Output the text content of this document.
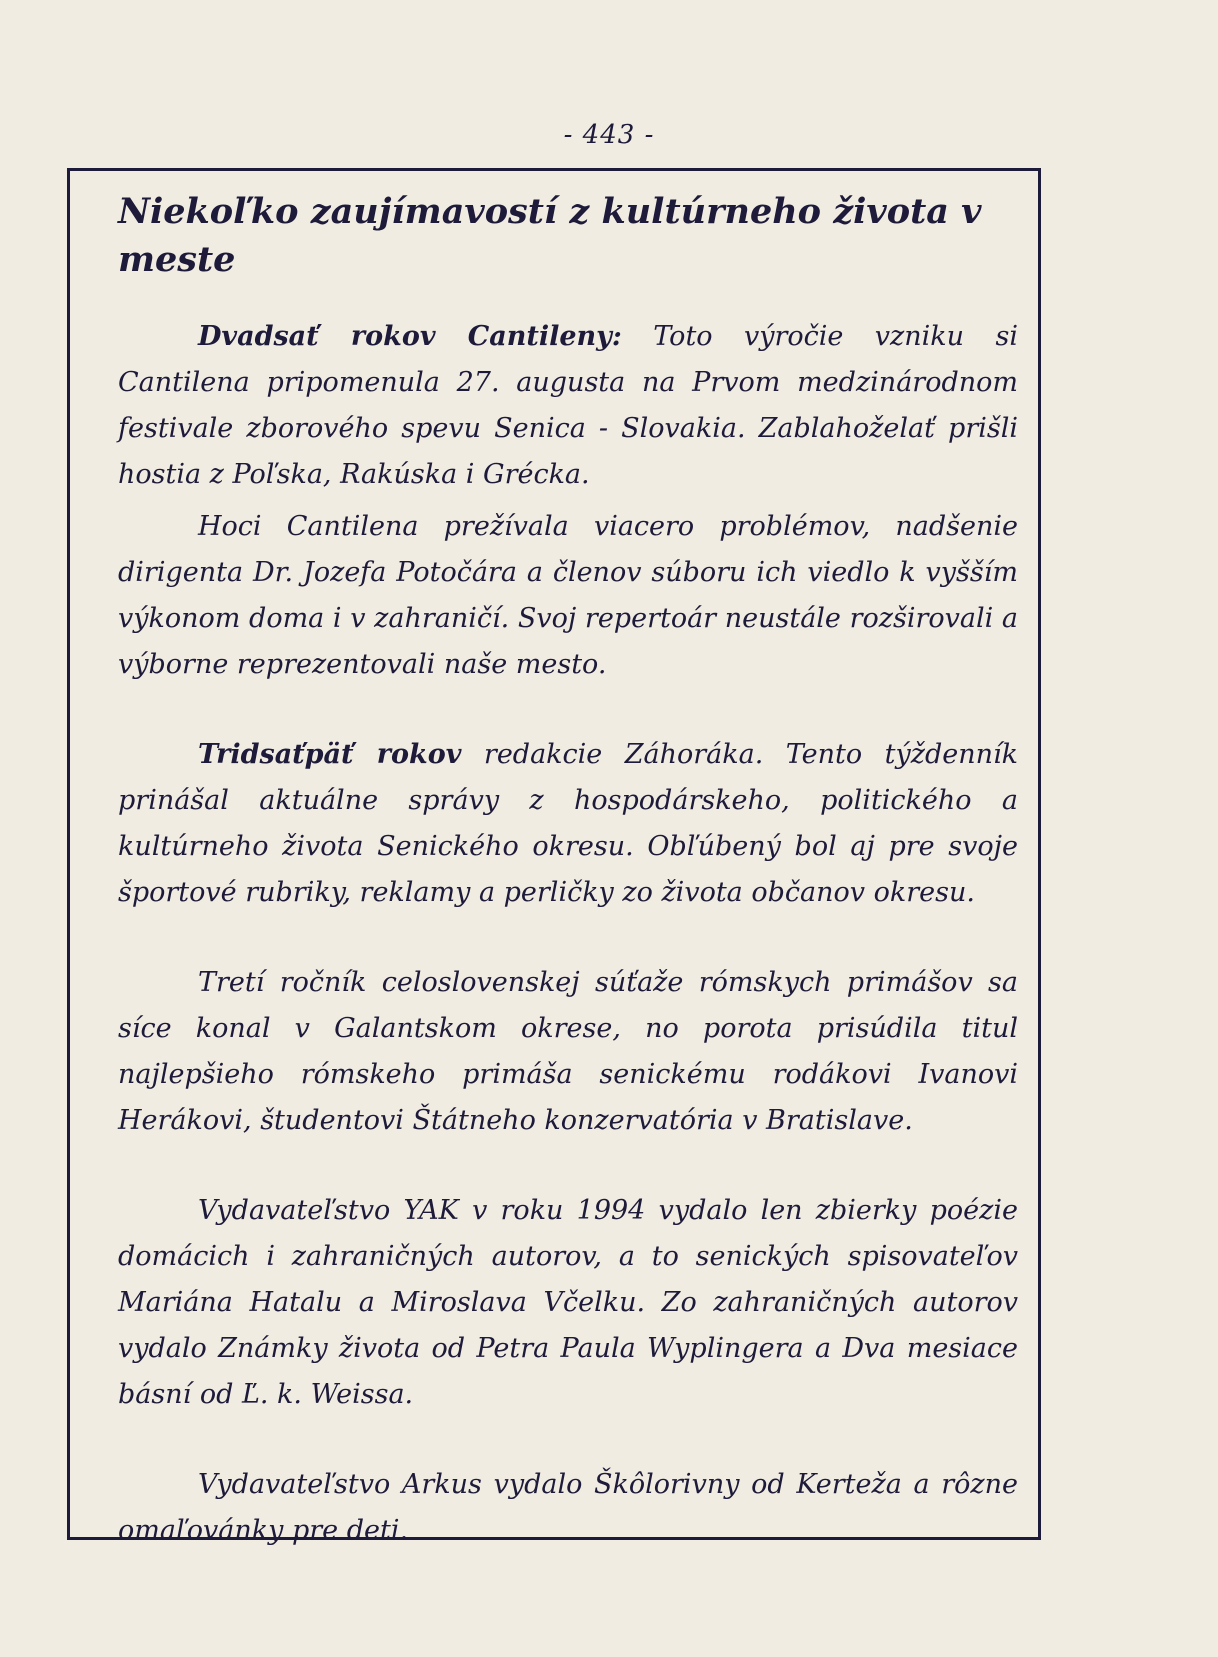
- 443 -
Niekoľko zaujímavostí z kultúrneho života v meste

Dvadsať rokov Cantileny: Toto výročie vzniku si Cantilena pripomenula 27. augusta na Prvom medzinárodnom festivale zborového spevu Senica - Slovakia. Zablahoželať prišli hostia z Poľska, Rakúska i Grécka.

Hoci Cantilena prežívala viacero problémov, nadšenie dirigenta Dr. Jozefa Potočára a členov súboru ich viedlo k vyšším výkonom doma i v zahraničí. Svoj repertoár neustále rozširovali a výborne reprezentovali naše mesto.

Tridsaťpäť rokov redakcie Záhoráka. Tento týždenník prinášal aktuálne správy z hospodárskeho, politického a kultúrneho života Senického okresu. Obľúbený bol aj pre svoje športové rubriky, reklamy a perličky zo života občanov okresu.

Tretí ročník celoslovenskej súťaže rómskych primášov sa síce konal v Galantskom okrese, no porota prisúdila titul najlepšieho rómskeho primáša senickému rodákovi Ivanovi Herákovi, študentovi Štátneho konzervatória v Bratislave.

Vydavateľstvo YAK v roku 1994 vydalo len zbierky poézie domácich i zahraničných autorov, a to senických spisovateľov Mariána Hatalu a Miroslava Včelku. Zo zahraničných autorov vydalo Známky života od Petra Paula Wyplingera a Dva mesiace básní od Ľ. k. Weissa.

Vydavateľstvo Arkus vydalo Škôlorivny od Kerteža a rôzne omaľovánky pre deti.
